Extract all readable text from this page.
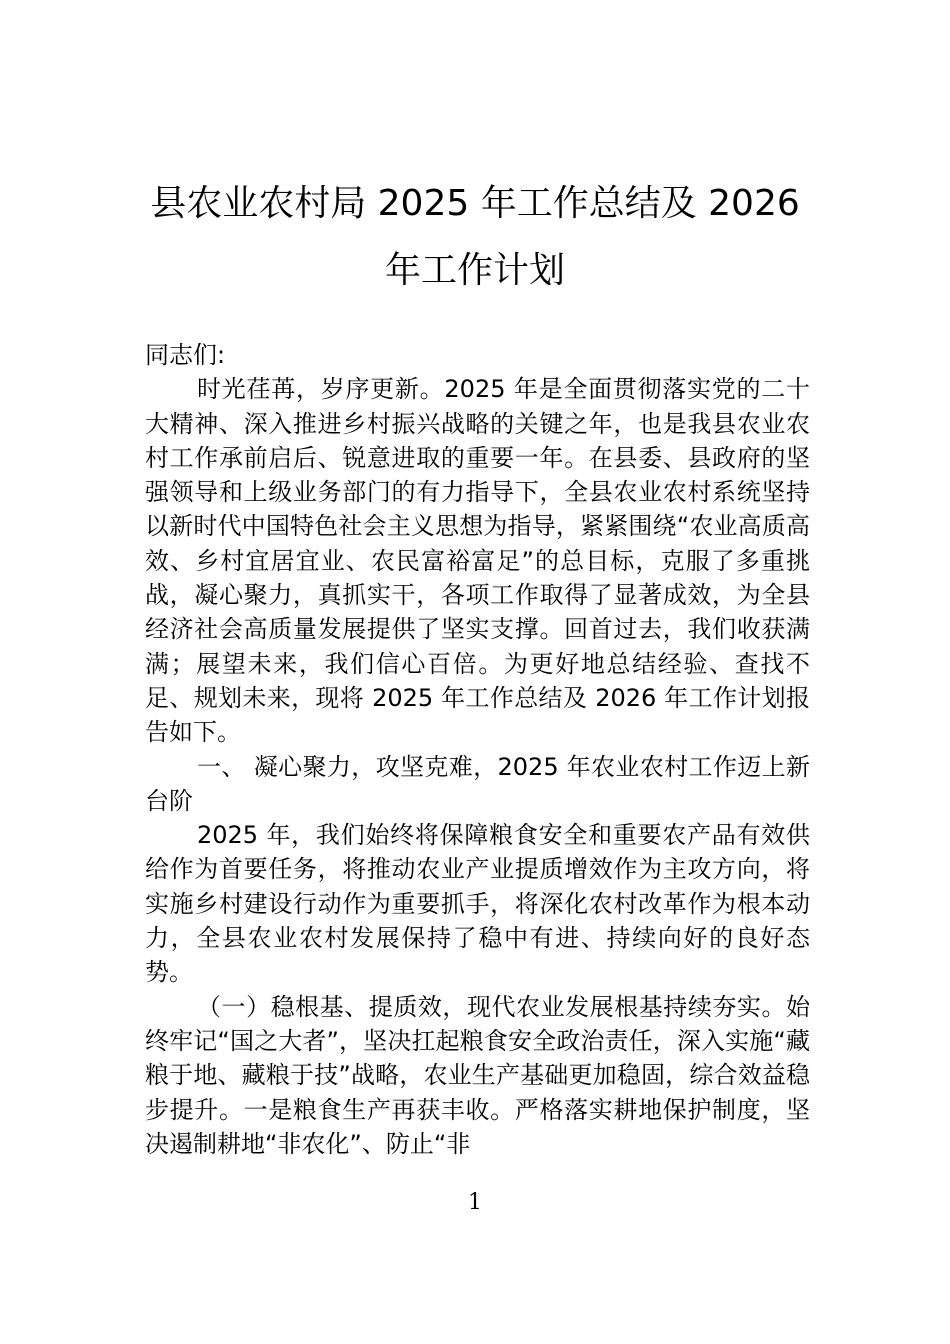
县农业农村局 2025 年工作总结及 2026 年工作计划

同志们:

时光荏苒，岁序更新。2025 年是全面贯彻落实党的二十大精神、深入推进乡村振兴战略的关键之年，也是我县农业农村工作承前启后、锐意进取的重要一年。在县委、县政府的坚强领导和上级业务部门的有力指导下，全县农业农村系统坚持以新时代中国特色社会主义思想为指导，紧紧围绕“农业高质高效、乡村宜居宜业、农民富裕富足”的总目标，克服了多重挑战，凝心聚力，真抓实干，各项工作取得了显著成效，为全县经济社会高质量发展提供了坚实支撑。回首过去，我们收获满满；展望未来，我们信心百倍。为更好地总结经验、查找不足、规划未来，现将 2025 年工作总结及 2026 年工作计划报告如下。

一、 凝心聚力，攻坚克难，2025 年农业农村工作迈上新台阶

2025 年，我们始终将保障粮食安全和重要农产品有效供给作为首要任务，将推动农业产业提质增效作为主攻方向，将实施乡村建设行动作为重要抓手，将深化农村改革作为根本动力，全县农业农村发展保持了稳中有进、持续向好的良好态势。

（一）稳根基、提质效，现代农业发展根基持续夯实。始终牢记“国之大者”，坚决扛起粮食安全政治责任，深入实施“藏粮于地、藏粮于技”战略，农业生产基础更加稳固，综合效益稳步提升。一是粮食生产再获丰收。严格落实耕地保护制度，坚决遏制耕地“非农化”、防止“非

1
